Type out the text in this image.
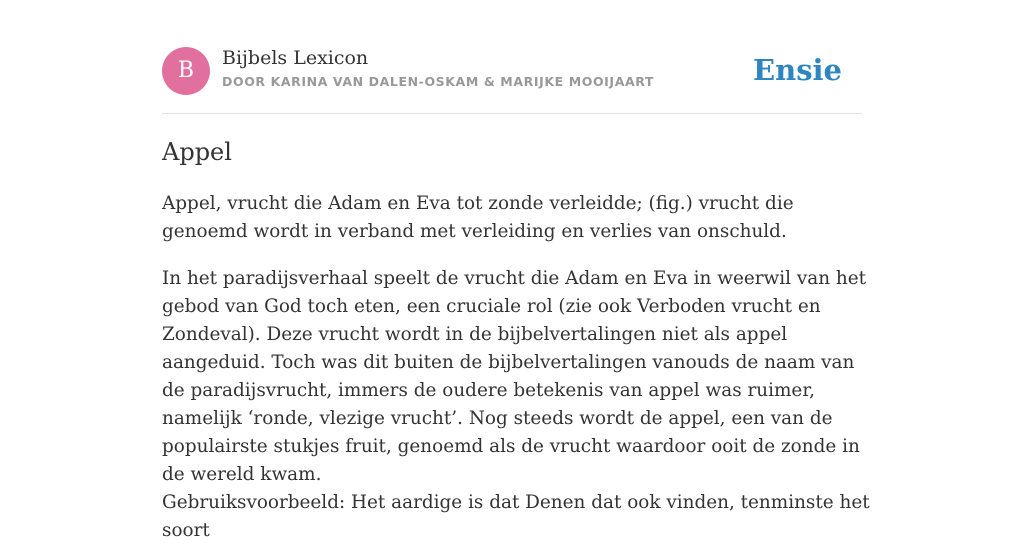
B	Bijbels Lexicon
DOOR KARINA VAN DALEN-OSKAM & MARIJKE MOOIJAART	Ensie
Appel

Appel, vrucht die Adam en Eva tot zonde verleidde; (fig.) vrucht die genoemd wordt in verband met verleiding en verlies van onschuld.

In het paradijsverhaal speelt de vrucht die Adam en Eva in weerwil van het gebod van God toch eten, een cruciale rol (zie ook Verboden vrucht en Zondeval). Deze vrucht wordt in de bijbelvertalingen niet als appel aangeduid. Toch was dit buiten de bijbelvertalingen vanouds de naam van de paradijsvrucht, immers de oudere betekenis van appel was ruimer, namelijk ‘ronde, vlezige vrucht’. Nog steeds wordt de appel, een van de populairste stukjes fruit, genoemd als de vrucht waardoor ooit de zonde in de wereld kwam.

Gebruiksvoorbeeld: Het aardige is dat Denen dat ook vinden, tenminste het soort
